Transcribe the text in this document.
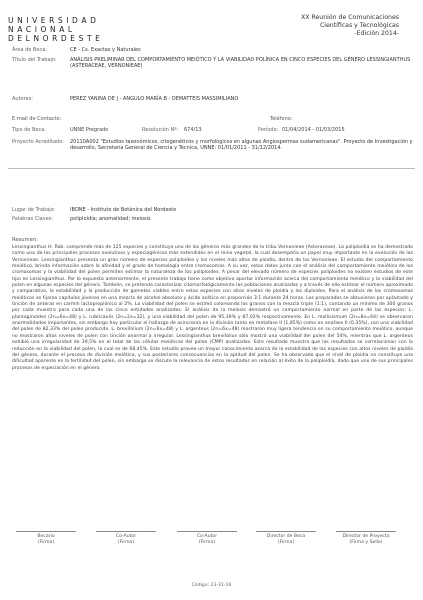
U N I V E R S I D A D
N A C I O N A L
D E L N O R D E S T E
XX Reunión de Comunicaciones
Científicas y Tecnológicas
-Edición 2014-
Área de Beca:	CE - Cs. Exactas y Naturales
Título del Trabajo:	ANÁLISIS PRELIMINAR DEL COMPORTAMIENTO MEIÓTICO Y LA VIABILIDAD POLÍNICA EN CINCO ESPECIES DEL GÉNERO LESSINGIANTHUS (ASTERACEAE, VERNONIEAE)
Autores:	PEREZ YANINA DE J - ANGULO MARÍA B - DEMATTEIS MASSIMILIANO
E-mail de Contacto:	Teléfono:
Tipo de Beca:	UNNE Pregrado	Resolución Nº: 674/13	Período: 01/04/2014 - 01/03/2015
Proyecto Acreditado: 20110A002 "Estudios taxonómicos, citogenéticos y morfológicos en algunas Angiospermas sudamericanas". Proyecto de Investigación y desarrollo, Secretaría General de Ciencia y Técnica, UNNE: 01/01/2011 - 31/12/2014.
Lugar de Trabajo:	IBONE - Instituto de Botánica del Nordeste
Palabras Claves:	poliploidía; anomalidad; meiosis
Resumen:
Lessingianthus H. Rob. comprende más de 125 especies y constituye uno de los géneros más grandes de la tribu Vernonieae (Asteraceae). La poliploidía se ha demostrado como uno de los principales procesos evolutivos y especiogénicos más extendidos en el reino vegetal, la cual desempeña un papel muy importante en la evolución de las Vernonieae. Lessingianthus presenta un gran número de especies poliploides y los niveles más altos de ploidía, dentro de las Vernonieae. El estudio del comportamiento meiótico, brinda información sobre la afinidad y el grado de homología entre cromosomas. A su vez, estos datos junto con el análisis del comportamiento meiótico de los cromosomas y la viabilidad del polen permiten estimar la naturaleza de los poliploides. A pesar del elevado número de especies poliploides no existen estudios de este tipo en Lessingianthus. Por lo expuesto anteriormente, el presente trabajo tiene como objetivo aportar información acerca del comportamiento meiótico y la viabilidad del polen en algunas especies del género. También, se pretende caracterizar citomorfológicamente las poblaciones analizadas y a través de ello estimar el número aproximado y comparativo, la estabilidad y la producción de gametos viables entre estas especies con altos niveles de ploidía y los diploides. Para el análisis de los cromosomas meióticos se fijaron capítulos jóvenes en una mezcla de alcohol absoluto y ácido acético en proporción 3:1 durante 24 horas. Los preparados se obtuvieron por aplastado y tinción de anteras en carmín lactopropiónico al 2%. La viabilidad del polen se estimó coloreando los granos con la mezcla triple (1:1), contando un mínimo de 300 granos por cada muestra para cada una de las cinco entidades analizadas. El análisis de la meiosis demostró un comportamiento normal en parte de las especies: L. plantaginoides (2n=6x=48) y L. rubricaulis (2n=2x=32), y una viabilidad del polen de 95,39% y 87,02% respectivamente. En L. mollissimum (2n=8x=64) se observaron anormalidades importantes, sin embargo hay particular el hallazgo de asincronía en la división tanto en metafase II (1,85%) como en anafase II (0,35%), con una viabilidad del polen de 82,33% del polen producido. L. brevifolium (2n=6x=48) y L. argenteus (2n=6x=48) mostraron muy ligera tendencia en su comportamiento meiótico, aunque no mostraron altos niveles de polen con tinción anormal a irregular. Lessingianthus brevifolius sólo mostró una viabilidad del polen del 54%, mientras que L. argenteus exhibió una irregularidad de 39,5% en el total de las células meióticas del polen (CMP) analizadas. Este resultado muestra que los resultados se correlacionan con la reducción en la viabilidad del polen, la cual es de 68,45%. Este estudio provee un mayor conocimiento acerca de la estabilidad de las especies con altos niveles de ploidía del género, durante el proceso de división meiótica, y sus posteriores consecuencias en la aptitud del polen. Se ha observado que el nivel de ploidía no constituye una dificultad aparente en la fertilidad del polen, sin embargo se discute la relevancia de estos resultados en relación al éxito de la poliploidía, dado que uno de sus principales procesos de especiación en el género.
Becario
(Firma)
Co-Autor
(Firma)
Co-Autor
(Firma)
Director de Beca
(Firma)
Director de Proyecto
(Firma y Sello)
Código: 23-31-16
